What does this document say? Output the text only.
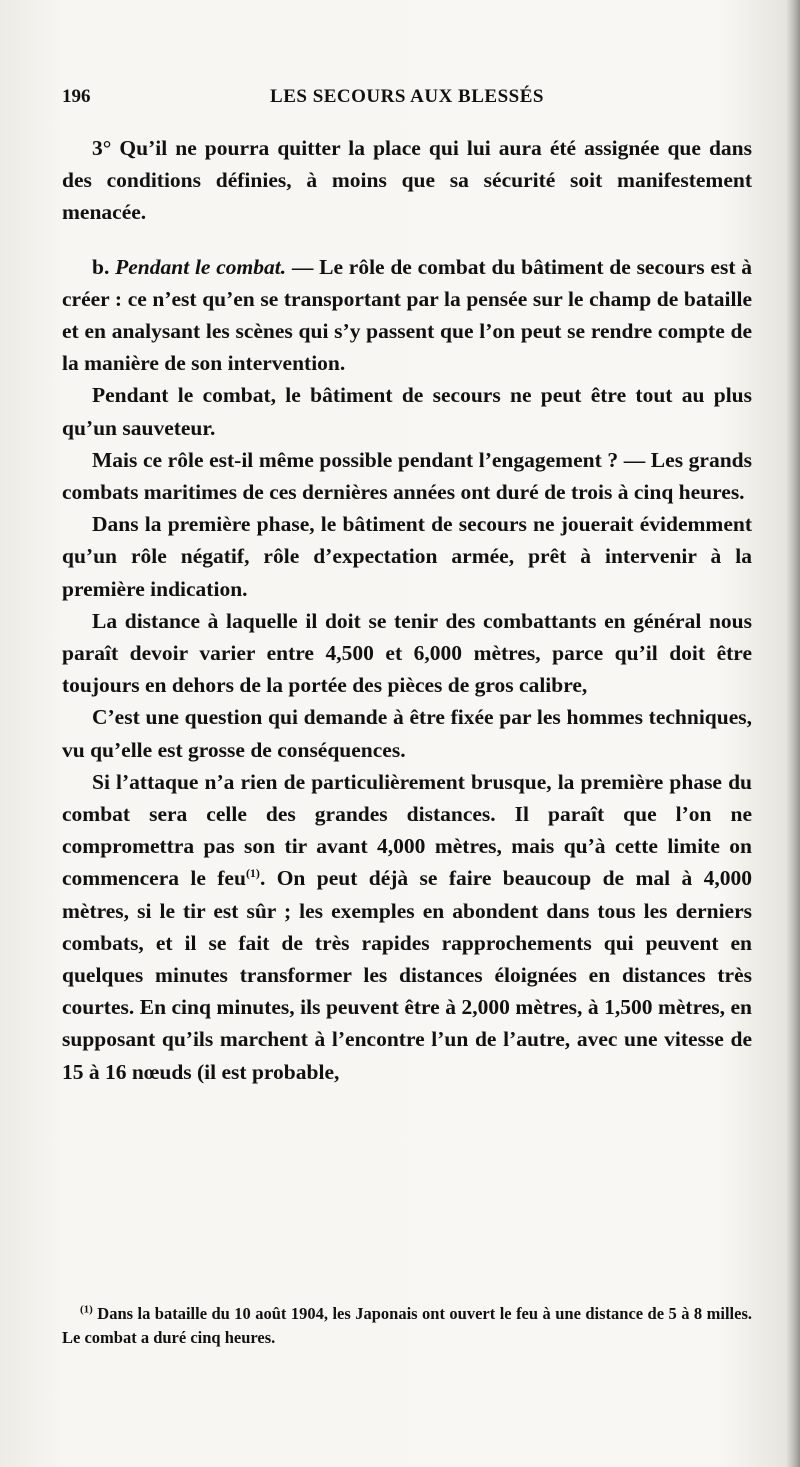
196	LES SECOURS AUX BLESSÉS

3° Qu’il ne pourra quitter la place qui lui aura été assignée que dans des conditions définies, à moins que sa sécurité soit manifestement menacée.

b. Pendant le combat. — Le rôle de combat du bâtiment de secours est à créer : ce n’est qu’en se transportant par la pensée sur le champ de bataille et en analysant les scènes qui s’y passent que l’on peut se rendre compte de la manière de son intervention.

Pendant le combat, le bâtiment de secours ne peut être tout au plus qu’un sauveteur.

Mais ce rôle est-il même possible pendant l’engagement ? — Les grands combats maritimes de ces dernières années ont duré de trois à cinq heures.

Dans la première phase, le bâtiment de secours ne jouerait évidemment qu’un rôle négatif, rôle d’expectation armée, prêt à intervenir à la première indication.

La distance à laquelle il doit se tenir des combattants en général nous paraît devoir varier entre 4,500 et 6,000 mètres, parce qu’il doit être toujours en dehors de la portée des pièces de gros calibre,

C’est une question qui demande à être fixée par les hommes techniques, vu qu’elle est grosse de conséquences.

Si l’attaque n’a rien de particulièrement brusque, la première phase du combat sera celle des grandes distances. Il paraît que l’on ne compromettra pas son tir avant 4,000 mètres, mais qu’à cette limite on commencera le feu$^{(1)}$. On peut déjà se faire beaucoup de mal à 4,000 mètres, si le tir est sûr ; les exemples en abondent dans tous les derniers combats, et il se fait de très rapides rapprochements qui peuvent en quelques minutes transformer les distances éloignées en distances très courtes. En cinq minutes, ils peuvent être à 2,000 mètres, à 1,500 mètres, en supposant qu’ils marchent à l’encontre l’un de l’autre, avec une vitesse de 15 à 16 nœuds (il est probable,

$^{(1)}$ Dans la bataille du 10 août 1904, les Japonais ont ouvert le feu à une distance de 5 à 8 milles. Le combat a duré cinq heures.
